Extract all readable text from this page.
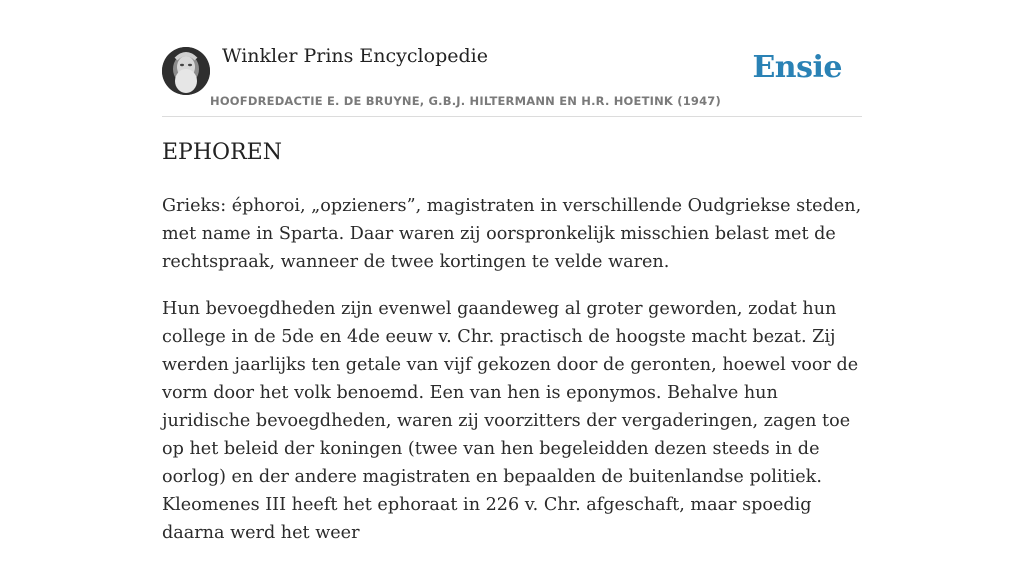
Winkler Prins Encyclopedie
HOOFDREDACTIE E. DE BRUYNE, G.B.J. HILTERMANN EN H.R. HOETINK (1947)
Ensie
EPHOREN

Grieks: éphoroi, „opzieners”, magistraten in verschillende Oudgriekse steden, met name in Sparta. Daar waren zij oorspronkelijk misschien belast met de rechtspraak, wanneer de twee kortingen te velde waren.

Hun bevoegdheden zijn evenwel gaandeweg al groter geworden, zodat hun college in de 5de en 4de eeuw v. Chr. practisch de hoogste macht bezat. Zij werden jaarlijks ten getale van vijf gekozen door de geronten, hoewel voor de vorm door het volk benoemd. Een van hen is eponymos. Behalve hun juridische bevoegdheden, waren zij voorzitters der vergaderingen, zagen toe op het beleid der koningen (twee van hen begeleidden dezen steeds in de oorlog) en der andere magistraten en bepaalden de buitenlandse politiek. Kleomenes III heeft het ephoraat in 226 v. Chr. afgeschaft, maar spoedig daarna werd het weer
